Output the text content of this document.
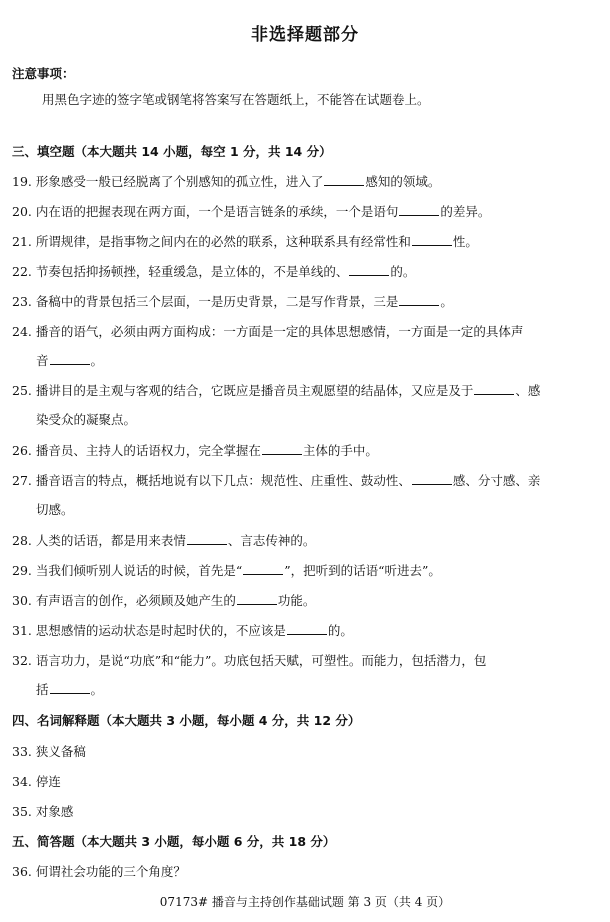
非选择题部分
注意事项：
用黑色字迹的签字笔或钢笔将答案写在答题纸上，不能答在试题卷上。
三、填空题（本大题共 14 小题，每空 1 分，共 14 分）
19. 形象感受一般已经脱离了个别感知的孤立性，进入了	感知的领域。
20. 内在语的把握表现在两方面，一个是语言链条的承续，一个是语句	的差异。
21. 所谓规律，是指事物之间内在的必然的联系，这种联系具有经常性和	性。
22. 节奏包括抑扬顿挫，轻重缓急，是立体的，不是单线的、	的。
23. 备稿中的背景包括三个层面，一是历史背景，二是写作背景，三是	。
24. 播音的语气，必须由两方面构成：一方面是一定的具体思想感情，一方面是一定的具体声
音	。
25. 播讲目的是主观与客观的结合，它既应是播音员主观愿望的结晶体，又应是及于	、感
染受众的凝聚点。
26. 播音员、主持人的话语权力，完全掌握在	主体的手中。
27. 播音语言的特点，概括地说有以下几点：规范性、庄重性、鼓动性、	感、分寸感、亲
切感。
28. 人类的话语，都是用来表情	、言志传神的。
29. 当我们倾听别人说话的时候，首先是“	”，把听到的话语“听进去”。
30. 有声语言的创作，必须顾及她产生的	功能。
31. 思想感情的运动状态是时起时伏的，不应该是	的。
32. 语言功力，是说“功底”和“能力”。功底包括天赋，可塑性。而能力，包括潜力，包
括	。
四、名词解释题（本大题共 3 小题，每小题 4 分，共 12 分）
33. 狭义备稿
34. 停连
35. 对象感
五、简答题（本大题共 3 小题，每小题 6 分，共 18 分）
36. 何谓社会功能的三个角度？
07173# 播音与主持创作基础试题 第 3 页（共 4 页）
